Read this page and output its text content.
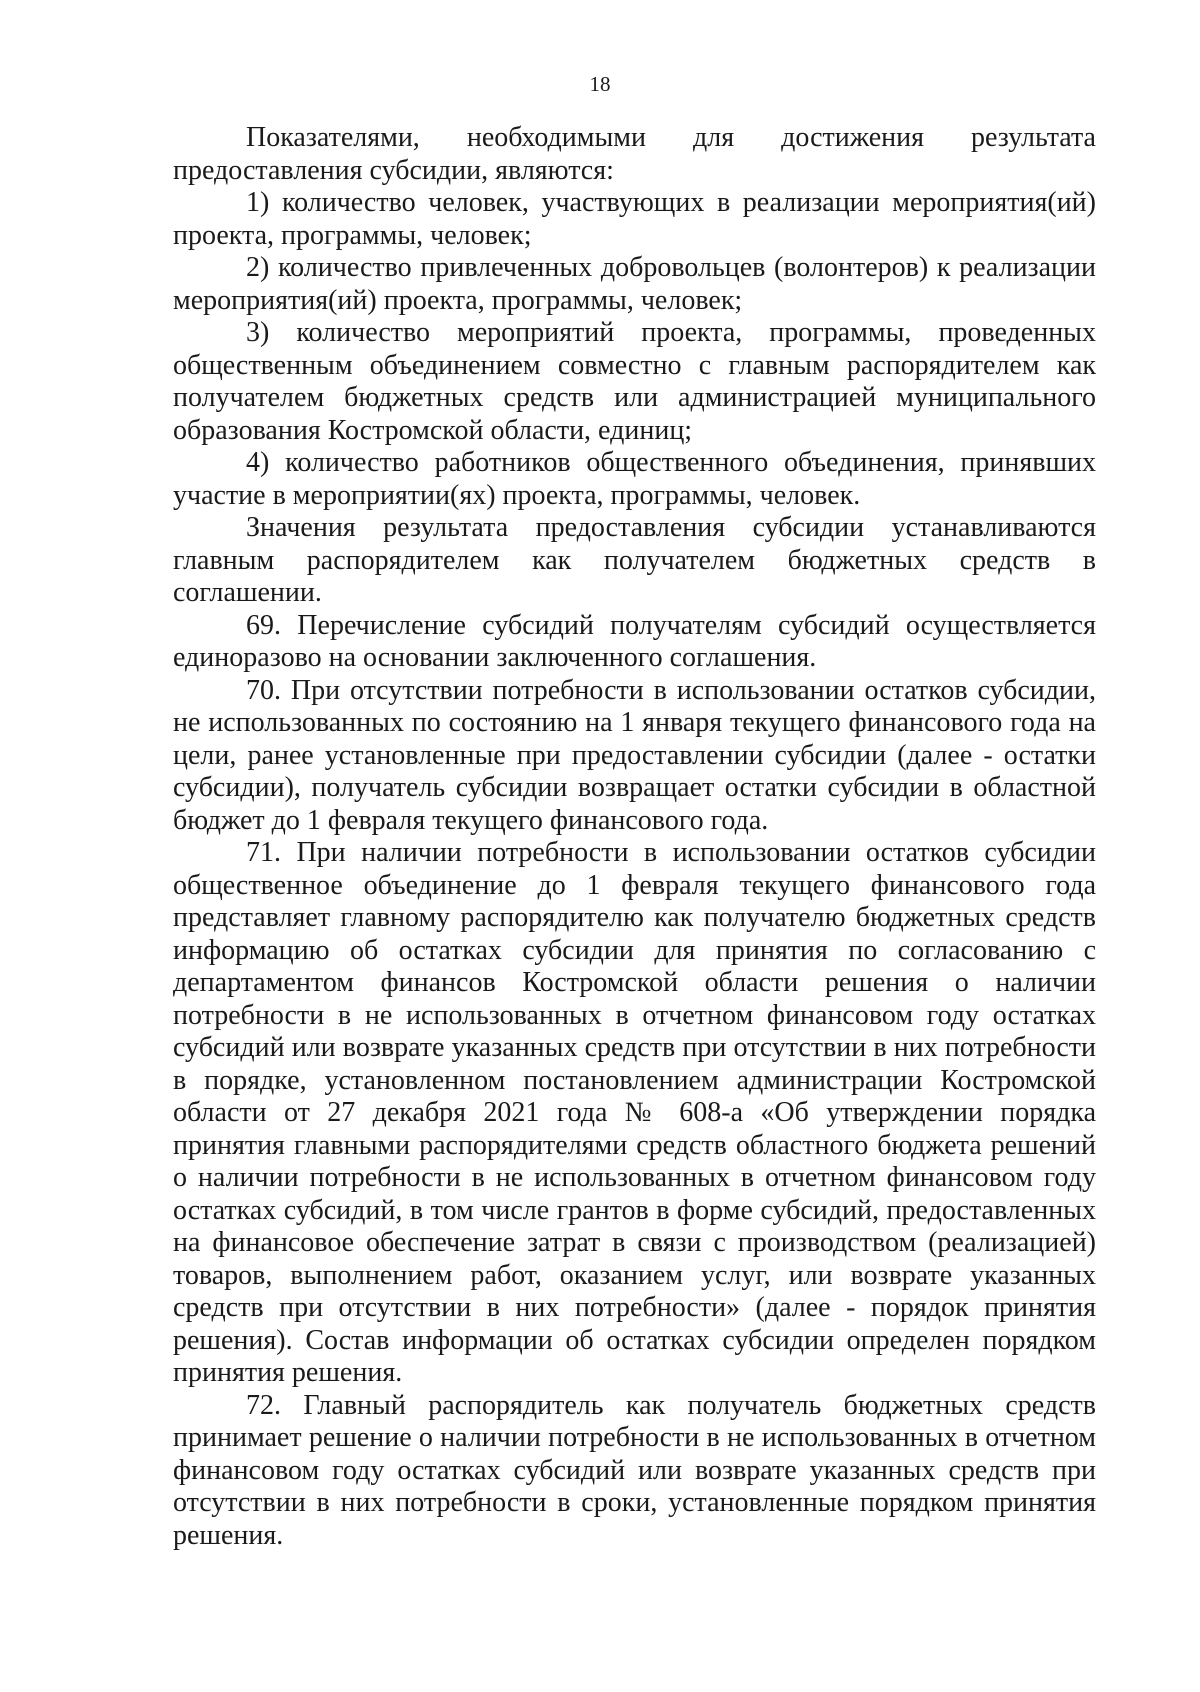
18

Показателями, необходимыми для достижения результата предоставления субсидии, являются:

1) количество человек, участвующих в реализации мероприятия(ий) проекта, программы, человек;

2) количество привлеченных добровольцев (волонтеров) к реализации мероприятия(ий) проекта, программы, человек;

3) количество мероприятий проекта, программы, проведенных общественным объединением совместно с главным распорядителем как получателем бюджетных средств или администрацией муниципального образования Костромской области, единиц;

4) количество работников общественного объединения, принявших участие в мероприятии(ях) проекта, программы, человек.

Значения результата предоставления субсидии устанавливаются главным распорядителем как получателем бюджетных средств в соглашении.

69. Перечисление субсидий получателям субсидий осуществляется единоразово на основании заключенного соглашения.

70. При отсутствии потребности в использовании остатков субсидии, не использованных по состоянию на 1 января текущего финансового года на цели, ранее установленные при предоставлении субсидии (далее - остатки субсидии), получатель субсидии возвращает остатки субсидии в областной бюджет до 1 февраля текущего финансового года.

71. При наличии потребности в использовании остатков субсидии общественное объединение до 1 февраля текущего финансового года представляет главному распорядителю как получателю бюджетных средств информацию об остатках субсидии для принятия по согласованию с департаментом финансов Костромской области решения о наличии потребности в не использованных в отчетном финансовом году остатках субсидий или возврате указанных средств при отсутствии в них потребности в порядке, установленном постановлением администрации Костромской области от 27 декабря 2021 года № 608-а «Об утверждении порядка принятия главными распорядителями средств областного бюджета решений о наличии потребности в не использованных в отчетном финансовом году остатках субсидий, в том числе грантов в форме субсидий, предоставленных на финансовое обеспечение затрат в связи с производством (реализацией) товаров, выполнением работ, оказанием услуг, или возврате указанных средств при отсутствии в них потребности» (далее - порядок принятия решения). Состав информации об остатках субсидии определен порядком принятия решения.

72. Главный распорядитель как получатель бюджетных средств принимает решение о наличии потребности в не использованных в отчетном финансовом году остатках субсидий или возврате указанных средств при отсутствии в них потребности в сроки, установленные порядком принятия решения.
